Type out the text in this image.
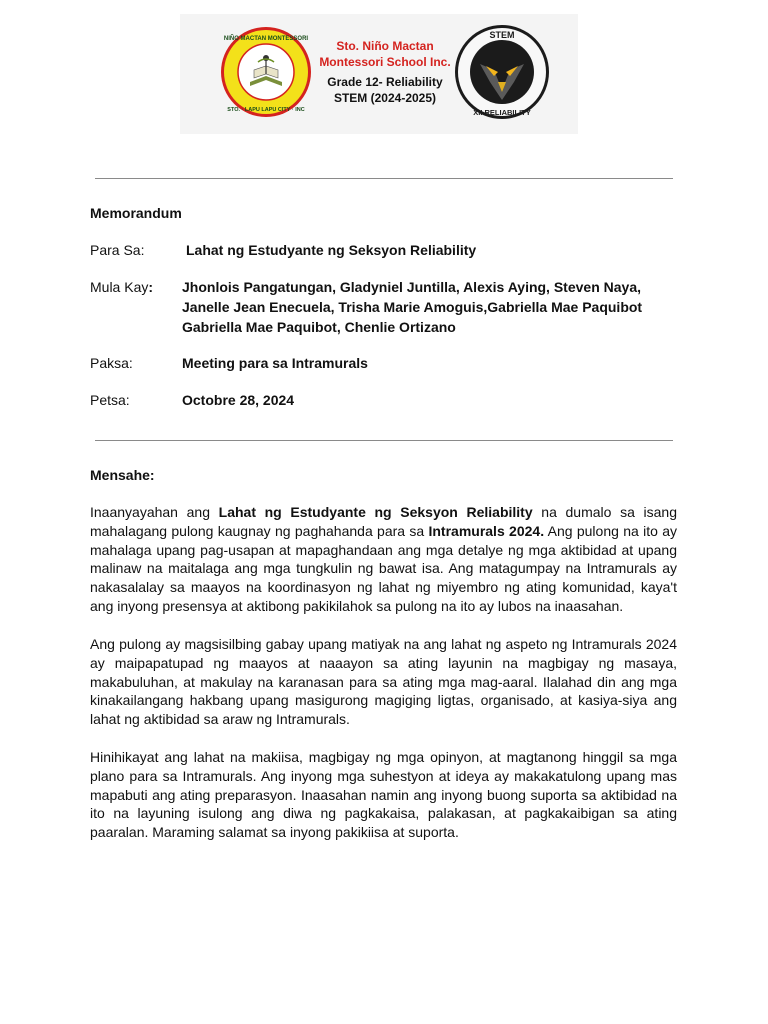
NIÑO MACTAN MONTESSORI
STO. · LAPU LAPU CITY · INC
Sto. Niño Mactan Montessori School Inc.
Grade 12- Reliability STEM (2024-2025)
STEM
XII RELIABILITY
Memorandum
Para Sa:	Lahat ng Estudyante ng Seksyon Reliability
Mula Kay: Jhonlois Pangatungan, Gladyniel Juntilla, Alexis Aying, Steven Naya, Janelle Jean Enecuela, Trisha Marie Amoguis,Gabriella Mae Paquibot Gabriella Mae Paquibot, Chenlie Ortizano
Paksa:	Meeting para sa Intramurals
Petsa:	Octobre 28, 2024
Mensahe:

Inaanyayahan ang Lahat ng Estudyante ng Seksyon Reliability na dumalo sa isang mahalagang pulong kaugnay ng paghahanda para sa Intramurals 2024. Ang pulong na ito ay mahalaga upang pag-usapan at mapaghandaan ang mga detalye ng mga aktibidad at upang malinaw na maitalaga ang mga tungkulin ng bawat isa. Ang matagumpay na Intramurals ay nakasalalay sa maayos na koordinasyon ng lahat ng miyembro ng ating komunidad, kaya't ang inyong presensya at aktibong pakikilahok sa pulong na ito ay lubos na inaasahan.

Ang pulong ay magsisilbing gabay upang matiyak na ang lahat ng aspeto ng Intramurals 2024 ay maipapatupad ng maayos at naaayon sa ating layunin na magbigay ng masaya, makabuluhan, at makulay na karanasan para sa ating mga mag-aaral. Ilalahad din ang mga kinakailangang hakbang upang masigurong magiging ligtas, organisado, at kasiya-siya ang lahat ng aktibidad sa araw ng Intramurals.

Hinihikayat ang lahat na makiisa, magbigay ng mga opinyon, at magtanong hinggil sa mga plano para sa Intramurals. Ang inyong mga suhestyon at ideya ay makakatulong upang mas mapabuti ang ating preparasyon. Inaasahan namin ang inyong buong suporta sa aktibidad na ito na layuning isulong ang diwa ng pagkakaisa, palakasan, at pagkakaibigan sa ating paaralan. Maraming salamat sa inyong pakikiisa at suporta.
